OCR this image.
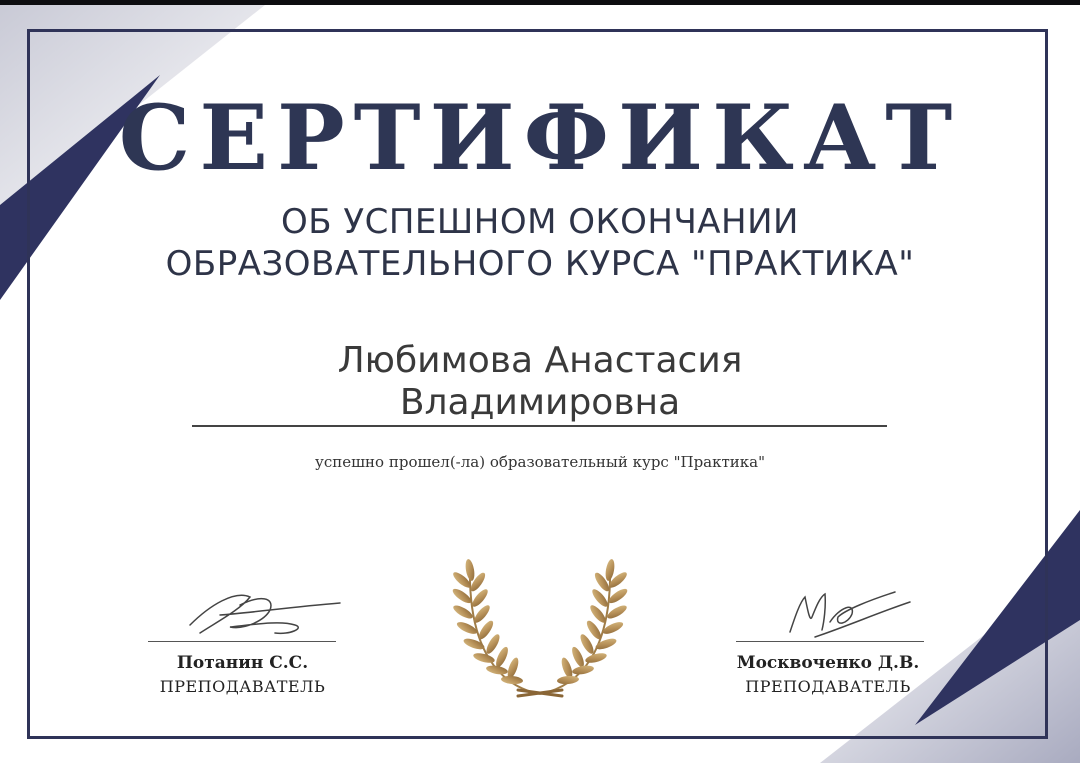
СЕРТИФИКАТ
ОБ УСПЕШНОМ ОКОНЧАНИИ
ОБРАЗОВАТЕЛЬНОГО КУРСА "ПРАКТИКА"
Любимова Анастасия
Владимировна
успешно прошел(-ла) образовательный курс "Практика"
Потанин С.С.
ПРЕПОДАВАТЕЛЬ
Москвоченко Д.В.
ПРЕПОДАВАТЕЛЬ
